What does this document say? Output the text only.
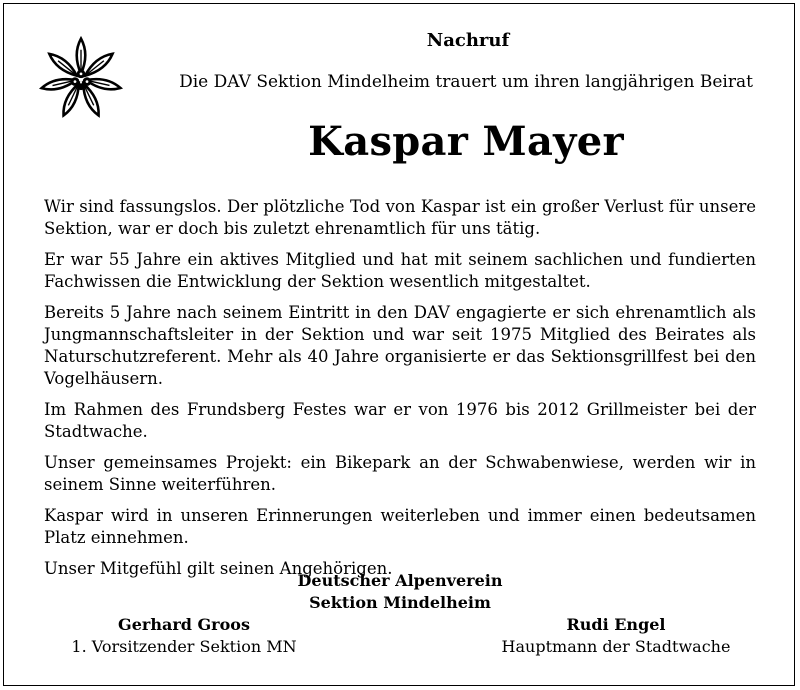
Nachruf
Die DAV Sektion Mindelheim trauert um ihren langjährigen Beirat
Kaspar Mayer

Wir sind fassungslos. Der plötzliche Tod von Kaspar ist ein großer Verlust für unsere Sektion, war er doch bis zuletzt ehrenamtlich für uns tätig.

Er war 55 Jahre ein aktives Mitglied und hat mit seinem sachlichen und fundierten Fachwissen die Entwicklung der Sektion wesentlich mitgestaltet.

Bereits 5 Jahre nach seinem Eintritt in den DAV engagierte er sich ehrenamtlich als Jungmannschaftsleiter in der Sektion und war seit 1975 Mitglied des Beirates als Naturschutzreferent. Mehr als 40 Jahre organisierte er das Sektionsgrillfest bei den Vogelhäusern.

Im Rahmen des Frundsberg Festes war er von 1976 bis 2012 Grillmeister bei der Stadtwache.

Unser gemeinsames Projekt: ein Bikepark an der Schwabenwiese, werden wir in seinem Sinne weiterführen.

Kaspar wird in unseren Erinnerungen weiterleben und immer einen bedeutsamen Platz einnehmen.

Unser Mitgefühl gilt seinen Angehörigen.

Deutscher Alpenverein
Sektion Mindelheim
Gerhard Groos
1. Vorsitzender Sektion MN
Rudi Engel
Hauptmann der Stadtwache
